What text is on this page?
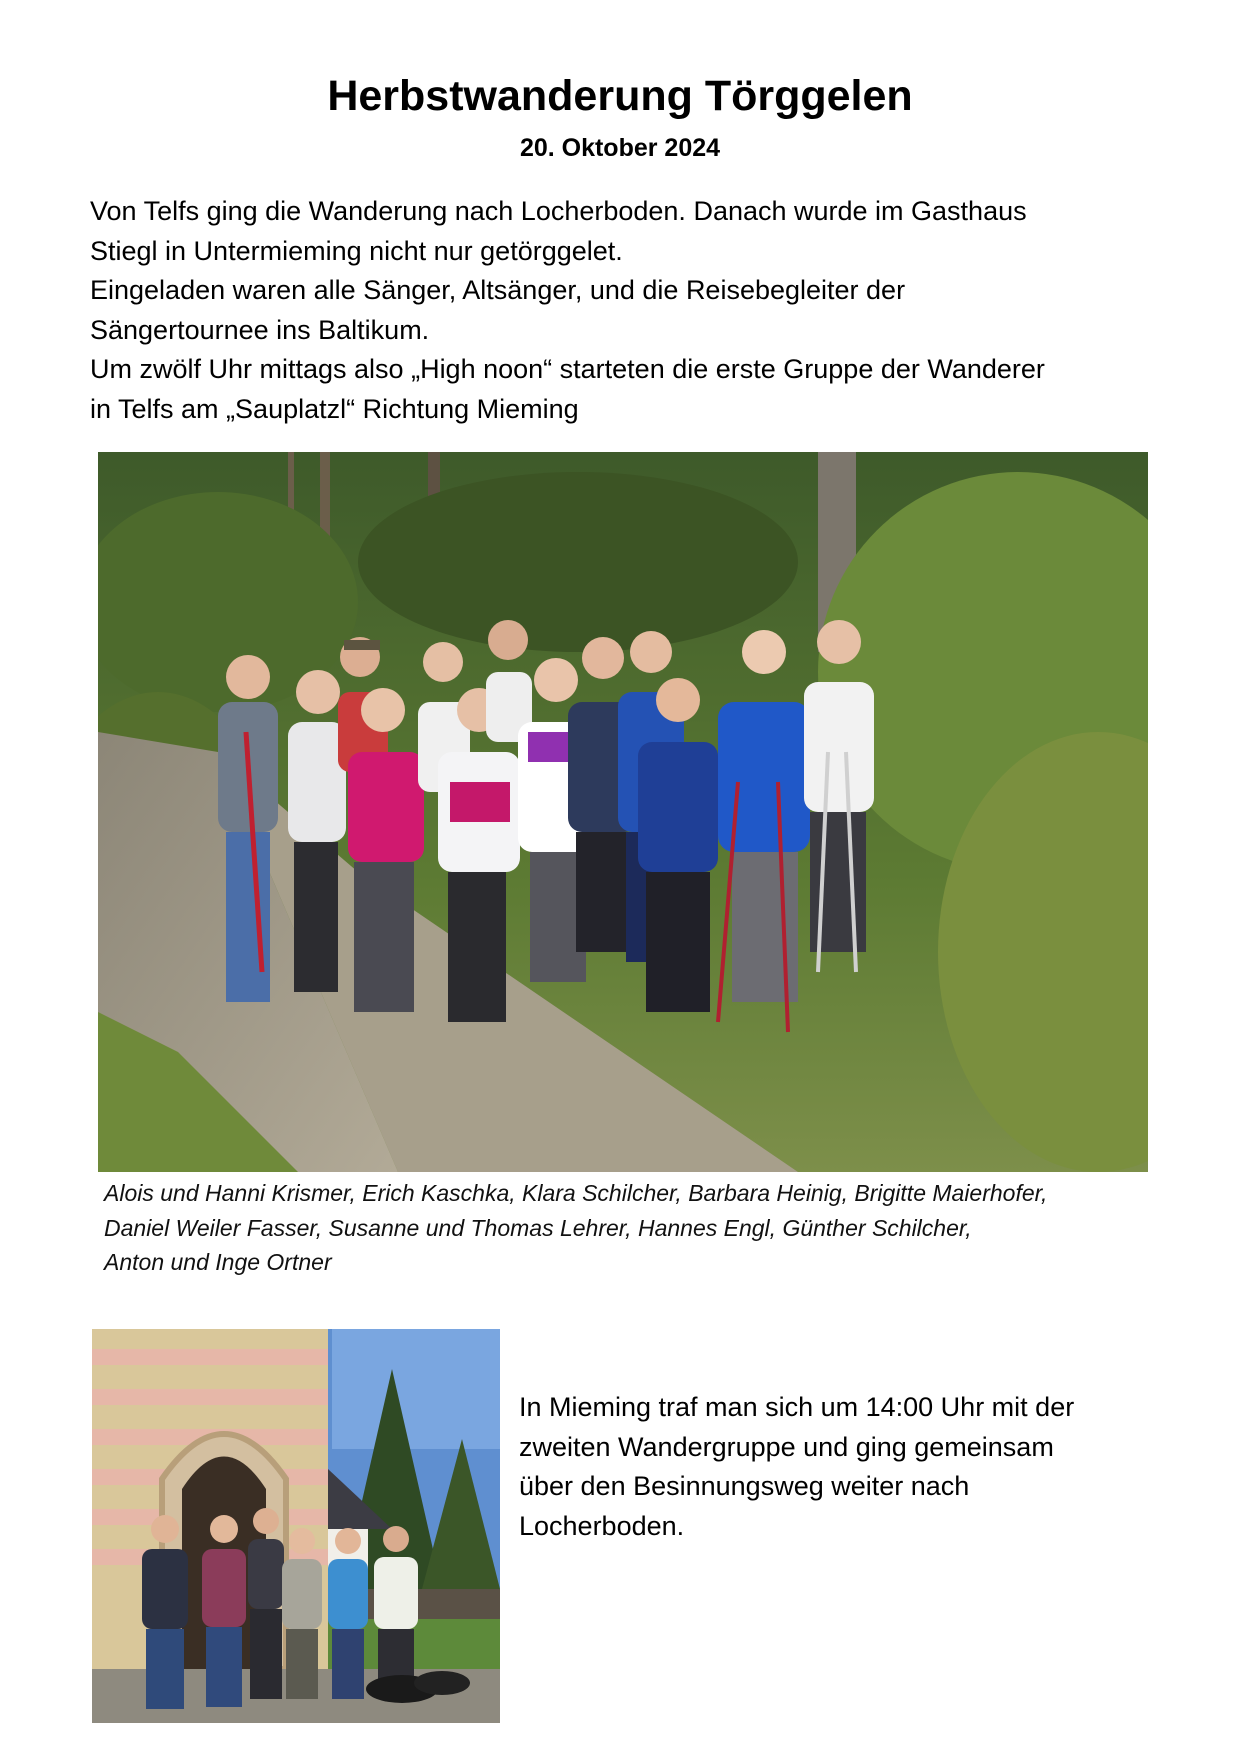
Herbstwanderung Törggelen
20. Oktober 2024

Von Telfs ging die Wanderung nach Locherboden. Danach wurde im Gasthaus

Stiegl in Untermieming nicht nur getörggelet.

Eingeladen waren alle Sänger, Altsänger, und die Reisebegleiter der

Sängertournee ins Baltikum.

Um zwölf Uhr mittags also „High noon“ starteten die erste Gruppe der Wanderer

in Telfs am „Sauplatzl“ Richtung Mieming

Alois und Hanni Krismer, Erich Kaschka, Klara Schilcher, Barbara Heinig, Brigitte Maierhofer,
Daniel Weiler Fasser, Susanne und Thomas Lehrer, Hannes Engl, Günther Schilcher,
Anton und Inge Ortner
In Mieming traf man sich um 14:00 Uhr mit der
zweiten Wandergruppe und ging gemeinsam
über den Besinnungsweg weiter nach
Locherboden.
